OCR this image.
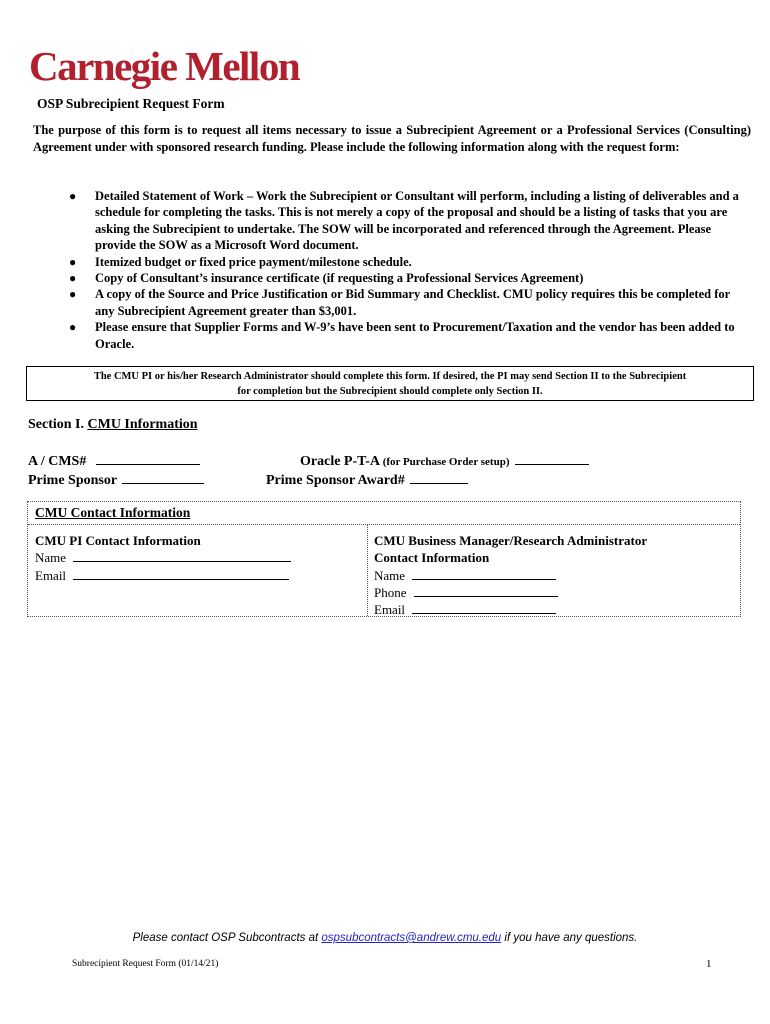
Carnegie Mellon
OSP Subrecipient Request Form

The purpose of this form is to request all items necessary to issue a Subrecipient Agreement or a Professional Services (Consulting) Agreement under with sponsored research funding. Please include the following information along with the request form:

● Detailed Statement of Work – Work the Subrecipient or Consultant will perform, including a listing of deliverables and a schedule for completing the tasks. This is not merely a copy of the proposal and should be a listing of tasks that you are asking the Subrecipient to undertake. The SOW will be incorporated and referenced through the Agreement. Please provide the SOW as a Microsoft Word document.
● Itemized budget or fixed price payment/milestone schedule.
● Copy of Consultant’s insurance certificate (if requesting a Professional Services Agreement)
● A copy of the Source and Price Justification or Bid Summary and Checklist. CMU policy requires this be completed for any Subrecipient Agreement greater than $3,001.
● Please ensure that Supplier Forms and W-9’s have been sent to Procurement/Taxation and the vendor has been added to Oracle.
The CMU PI or his/her Research Administrator should complete this form. If desired, the PI may send Section II to the Subrecipient
for completion but the Subrecipient should complete only Section II.
Section I. CMU Information
A / CMS#	Oracle P-T-A (for Purchase Order setup)
Prime Sponsor	Prime Sponsor Award#
CMU Contact Information
CMU PI Contact Information
Name
Email
CMU Business Manager/Research Administrator
Contact Information
Name
Phone
Email
Please contact OSP Subcontracts at ospsubcontracts@andrew.cmu.edu if you have any questions.
Subrecipient Request Form (01/14/21)	1
